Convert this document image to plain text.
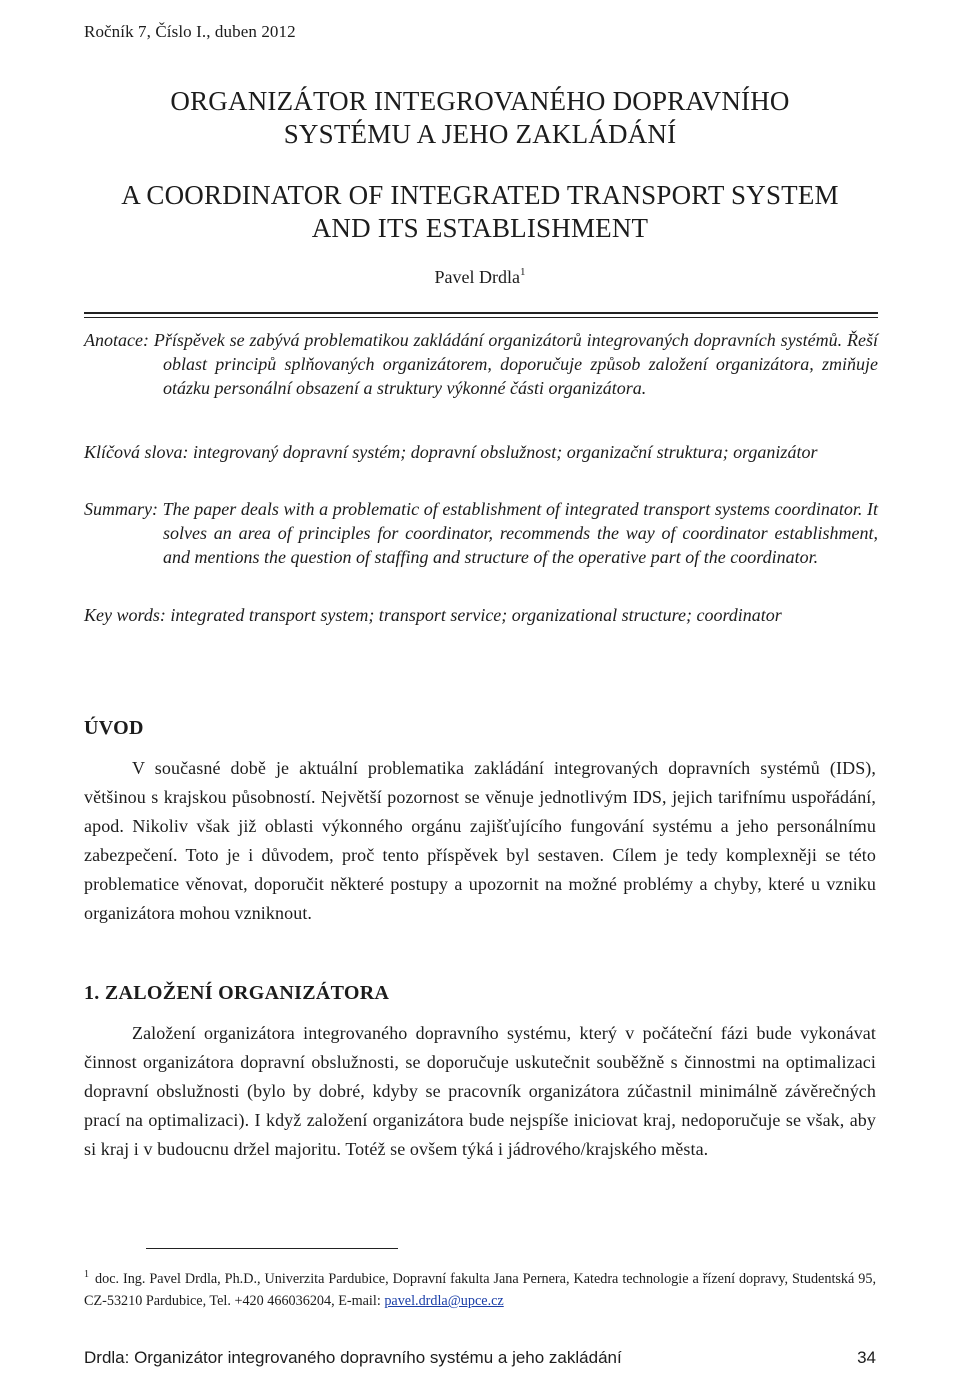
Ročník 7, Číslo I., duben 2012
ORGANIZÁTOR INTEGROVANÉHO DOPRAVNÍHO
SYSTÉMU A JEHO ZAKLÁDÁNÍ
A COORDINATOR OF INTEGRATED TRANSPORT SYSTEM
AND ITS ESTABLISHMENT
Pavel Drdla$^1$
Anotace: Příspěvek se zabývá problematikou zakládání organizátorů integrovaných dopravních systémů. Řeší oblast principů splňovaných organizátorem, doporučuje způsob založení organizátora, zmiňuje otázku personální obsazení a struktury výkonné části organizátora.
Klíčová slova: integrovaný dopravní systém; dopravní obslužnost; organizační struktura; organizátor
Summary: The paper deals with a problematic of establishment of integrated transport systems coordinator. It solves an area of principles for coordinator, recommends the way of coordinator establishment, and mentions the question of staffing and structure of the operative part of the coordinator.
Key words: integrated transport system; transport service; organizational structure; coordinator
ÚVOD
V současné době je aktuální problematika zakládání integrovaných dopravních systémů (IDS), většinou s krajskou působností. Největší pozornost se věnuje jednotlivým IDS, jejich tarifnímu uspořádání, apod. Nikoliv však již oblasti výkonného orgánu zajišťujícího fungování systému a jeho personálnímu zabezpečení. Toto je i důvodem, proč tento příspěvek byl sestaven. Cílem je tedy komplexněji se této problematice věnovat, doporučit některé postupy a upozornit na možné problémy a chyby, které u vzniku organizátora mohou vzniknout.
1. ZALOŽENÍ ORGANIZÁTORA
Založení organizátora integrovaného dopravního systému, který v počáteční fázi bude vykonávat činnost organizátora dopravní obslužnosti, se doporučuje uskutečnit souběžně s činnostmi na optimalizaci dopravní obslužnosti (bylo by dobré, kdyby se pracovník organizátora zúčastnil minimálně závěrečných prací na optimalizaci). I když založení organizátora bude nejspíše iniciovat kraj, nedoporučuje se však, aby si kraj i v budoucnu držel majoritu. Totéž se ovšem týká i jádrového/krajského města.
$^1$ doc. Ing. Pavel Drdla, Ph.D., Univerzita Pardubice, Dopravní fakulta Jana Pernera, Katedra technologie a řízení dopravy, Studentská 95, CZ-53210 Pardubice, Tel. +420 466036204, E-mail: pavel.drdla@upce.cz
Drdla: Organizátor integrovaného dopravního systému a jeho zakládání	34
